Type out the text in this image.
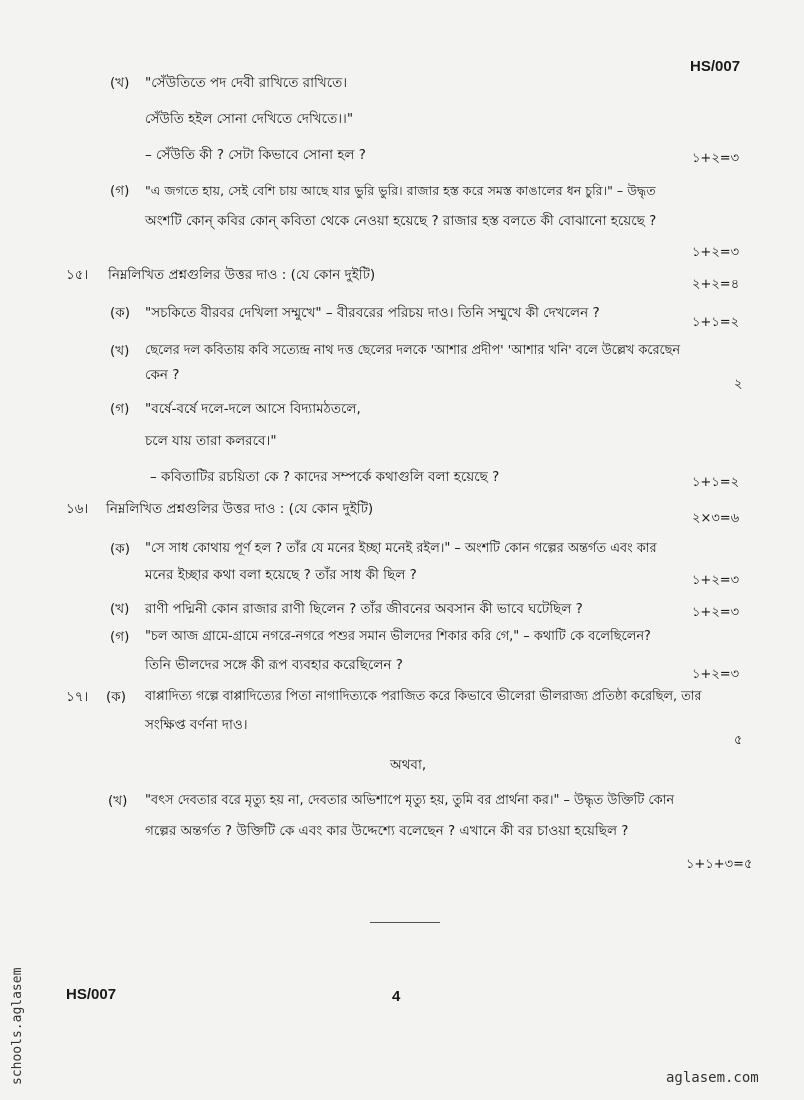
HS/007
(খ) "সেঁউতিতে পদ দেবী রাখিতে রাখিতে।
সেঁউতি হইল সোনা দেখিতে দেখিতে।।"
– সেঁউতি কী ? সেটা কিভাবে সোনা হল ?	১+২=৩
(গ) "এ জগতে হায়, সেই বেশি চায় আছে যার ভুরি ভুরি। রাজার হস্ত করে সমস্ত কাঙালের ধন চুরি।" – উদ্ধৃত
অংশটি কোন্ কবির কোন্ কবিতা থেকে নেওয়া হয়েছে ? রাজার হস্ত বলতে কী বোঝানো হয়েছে ?
১+২=৩
১৫। নিম্নলিখিত প্রশ্নগুলির উত্তর দাও : (যে কোন দুইটি)
২+২=৪
(ক) "সচকিতে বীরবর দেখিলা সম্মুখে" – বীরবরের পরিচয় দাও। তিনি সম্মুখে কী দেখলেন ?
১+১=২
(খ) ছেলের দল কবিতায় কবি সত্যেন্দ্র নাথ দত্ত ছেলের দলকে 'আশার প্রদীপ' 'আশার খনি' বলে উল্লেখ করেছেন
কেন ?
২
(গ) "বর্ষে-বর্ষে দলে-দলে আসে বিদ্যামঠতলে,
চলে যায় তারা কলরবে।"
– কবিতাটির রচয়িতা কে ? কাদের সম্পর্কে কথাগুলি বলা হয়েছে ?	১+১=২
১৬। নিম্নলিখিত প্রশ্নগুলির উত্তর দাও : (যে কোন দুইটি)
২×৩=৬
(ক) "সে সাধ কোথায় পূর্ণ হল ? তাঁর যে মনের ইচ্ছা মনেই রইল।" – অংশটি কোন গল্পের অন্তর্গত এবং কার
মনের ইচ্ছার কথা বলা হয়েছে ? তাঁর সাধ কী ছিল ?	১+২=৩
(খ) রাণী পদ্মিনী কোন রাজার রাণী ছিলেন ? তাঁর জীবনের অবসান কী ভাবে ঘটেছিল ?	১+২=৩
(গ) "চল আজ গ্রামে-গ্রামে নগরে-নগরে পশুর সমান ভীলদের শিকার করি গে," – কথাটি কে বলেছিলেন?
তিনি ভীলদের সঙ্গে কী রূপ ব্যবহার করেছিলেন ?
১+২=৩
১৭। (ক) বাপ্পাদিত্য গল্পে বাপ্পাদিত্যের পিতা নাগাদিত্যকে পরাজিত করে কিভাবে ভীলেরা ভীলরাজ্য প্রতিষ্ঠা করেছিল, তার
সংক্ষিপ্ত বর্ণনা দাও।
৫
অথবা,
(খ) "বৎস দেবতার বরে মৃত্যু হয় না, দেবতার অভিশাপে মৃত্যু হয়, তুমি বর প্রার্থনা কর।" – উদ্ধৃত উক্তিটি কোন
গল্পের অন্তর্গত ? উক্তিটি কে এবং কার উদ্দেশ্যে বলেছেন ? এখানে কী বর চাওয়া হয়েছিল ?
১+১+৩=৫
HS/007	4
schools.aglasem	aglasem.com
